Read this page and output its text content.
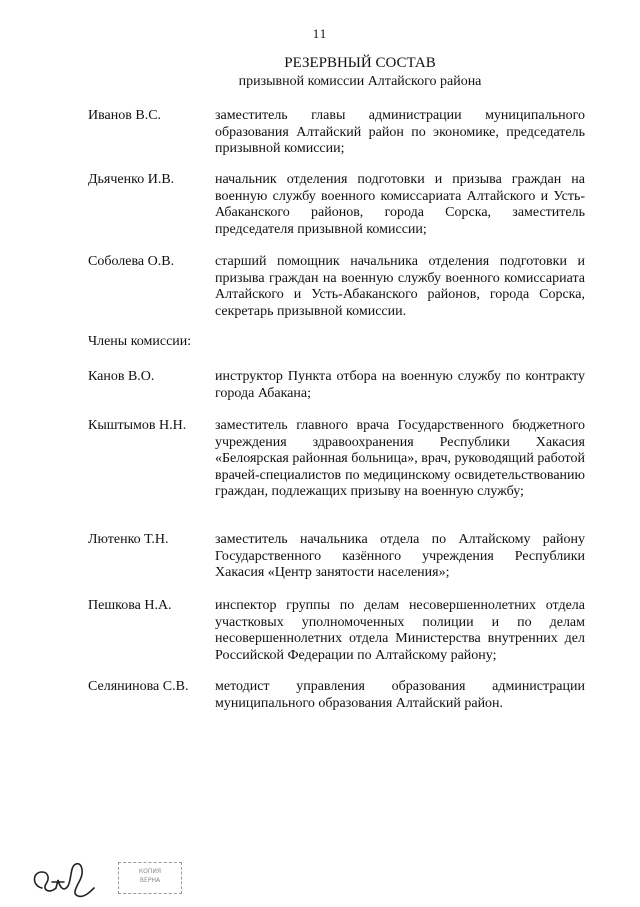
11
РЕЗЕРВНЫЙ СОСТАВ
призывной комиссии Алтайского района
Иванов В.С.	заместитель главы администрации муниципального образования Алтайский район по экономике, председатель призывной комиссии;
Дьяченко И.В.	начальник отделения подготовки и призыва граждан на военную службу военного комиссариата Алтайского и Усть-Абаканского районов, города Сорска, заместитель председателя призывной комиссии;
Соболева О.В.	старший помощник начальника отделения подготовки и призыва граждан на военную службу военного комиссариата Алтайского и Усть-Абаканского районов, города Сорска, секретарь призывной комиссии.
Члены комиссии:
Канов В.О.	инструктор Пункта отбора на военную службу по контракту города Абакана;
Кыштымов Н.Н.	заместитель главного врача Государственного бюджетного учреждения здравоохранения Республики Хакасия «Белоярская районная больница», врач, руководящий работой врачей-специалистов по медицинскому освидетельствованию граждан, подлежащих призыву на военную службу;
Лютенко Т.Н.	заместитель начальника отдела по Алтайскому району Государственного казённого учреждения Республики Хакасия «Центр занятости населения»;
Пешкова Н.А.	инспектор группы по делам несовершеннолетних отдела участковых уполномоченных полиции и по делам несовершеннолетних отдела Министерства внутренних дел Российской Федерации по Алтайскому району;
Селянинова С.В.	методист управления образования администрации муниципального образования Алтайский район.
КОПИЯ
ВЕРНА
